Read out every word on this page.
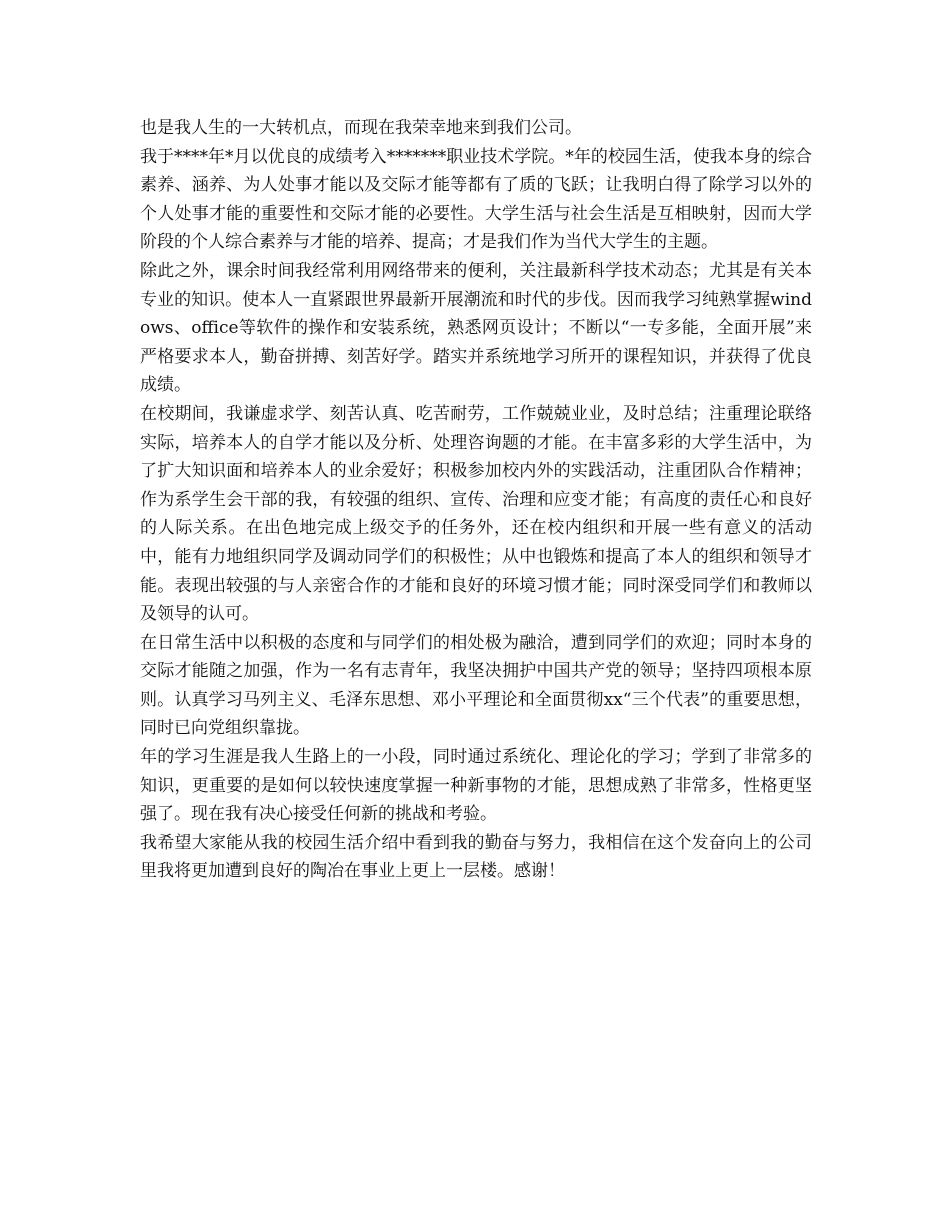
也是我人生的一大转机点，而现在我荣幸地来到我们公司。

我于****年*月以优良的成绩考入*******职业技术学院。*年的校园生活，使我本身的综合素养、涵养、为人处事才能以及交际才能等都有了质的飞跃；让我明白得了除学习以外的个人处事才能的重要性和交际才能的必要性。大学生活与社会生活是互相映射，因而大学阶段的个人综合素养与才能的培养、提高；才是我们作为当代大学生的主题。

除此之外，课余时间我经常利用网络带来的便利，关注最新科学技术动态；尤其是有关本专业的知识。使本人一直紧跟世界最新开展潮流和时代的步伐。因而我学习纯熟掌握windows、office等软件的操作和安装系统，熟悉网页设计；不断以“一专多能，全面开展”来严格要求本人，勤奋拼搏、刻苦好学。踏实并系统地学习所开的课程知识，并获得了优良成绩。

在校期间，我谦虚求学、刻苦认真、吃苦耐劳，工作兢兢业业，及时总结；注重理论联络实际，培养本人的自学才能以及分析、处理咨询题的才能。在丰富多彩的大学生活中，为了扩大知识面和培养本人的业余爱好；积极参加校内外的实践活动，注重团队合作精神；作为系学生会干部的我，有较强的组织、宣传、治理和应变才能；有高度的责任心和良好的人际关系。在出色地完成上级交予的任务外，还在校内组织和开展一些有意义的活动中，能有力地组织同学及调动同学们的积极性；从中也锻炼和提高了本人的组织和领导才能。表现出较强的与人亲密合作的才能和良好的环境习惯才能；同时深受同学们和教师以及领导的认可。

在日常生活中以积极的态度和与同学们的相处极为融洽，遭到同学们的欢迎；同时本身的交际才能随之加强，作为一名有志青年，我坚决拥护中国共产党的领导；坚持四项根本原则。认真学习马列主义、毛泽东思想、邓小平理论和全面贯彻xx“三个代表”的重要思想，同时已向党组织靠拢。

年的学习生涯是我人生路上的一小段，同时通过系统化、理论化的学习；学到了非常多的知识，更重要的是如何以较快速度掌握一种新事物的才能，思想成熟了非常多，性格更坚强了。现在我有决心接受任何新的挑战和考验。

我希望大家能从我的校园生活介绍中看到我的勤奋与努力，我相信在这个发奋向上的公司里我将更加遭到良好的陶冶在事业上更上一层楼。感谢！
